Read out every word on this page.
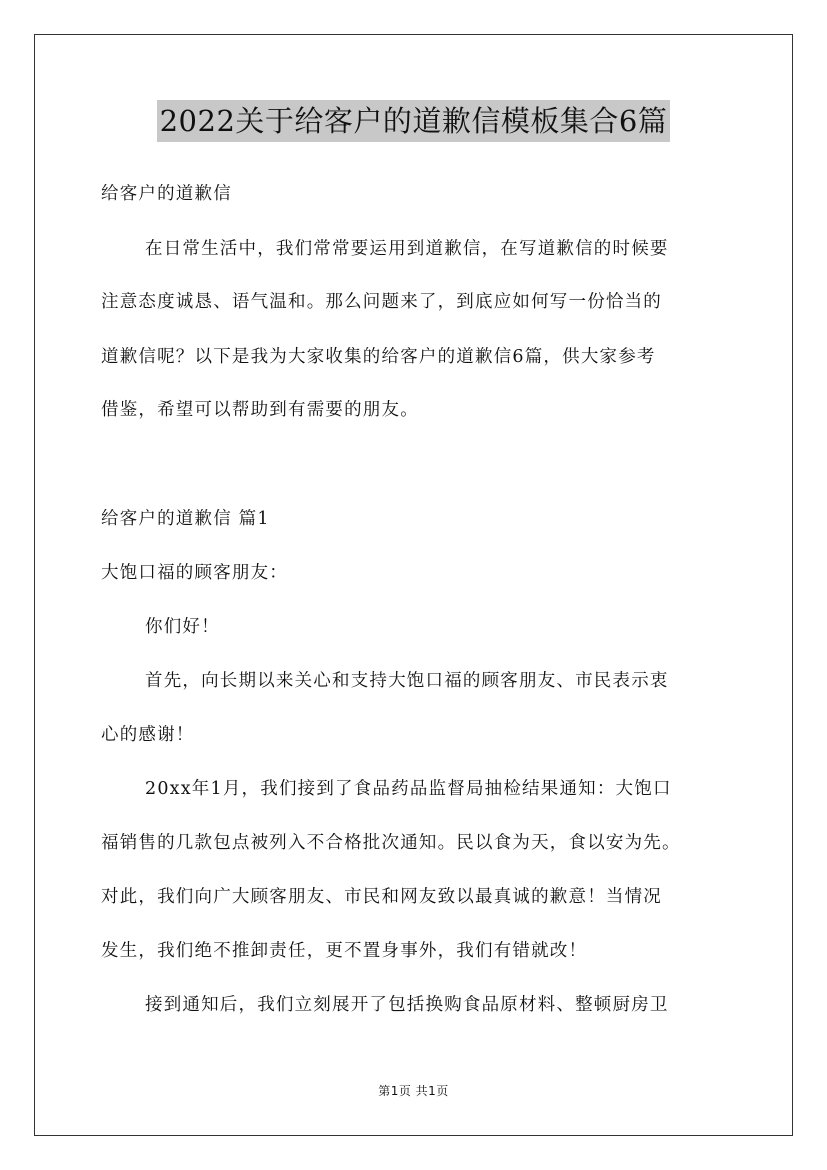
2022关于给客户的道歉信模板集合6篇

给客户的道歉信

在日常生活中，我们常常要运用到道歉信，在写道歉信的时候要

注意态度诚恳、语气温和。那么问题来了，到底应如何写一份恰当的

道歉信呢？以下是我为大家收集的给客户的道歉信6篇，供大家参考

借鉴，希望可以帮助到有需要的朋友。

给客户的道歉信 篇1

大饱口福的顾客朋友：

你们好！

首先，向长期以来关心和支持大饱口福的顾客朋友、市民表示衷

心的感谢！

20xx年1月，我们接到了食品药品监督局抽检结果通知：大饱口

福销售的几款包点被列入不合格批次通知。民以食为天，食以安为先。

对此，我们向广大顾客朋友、市民和网友致以最真诚的歉意！当情况

发生，我们绝不推卸责任，更不置身事外，我们有错就改！

接到通知后，我们立刻展开了包括换购食品原材料、整顿厨房卫

第1页 共1页
